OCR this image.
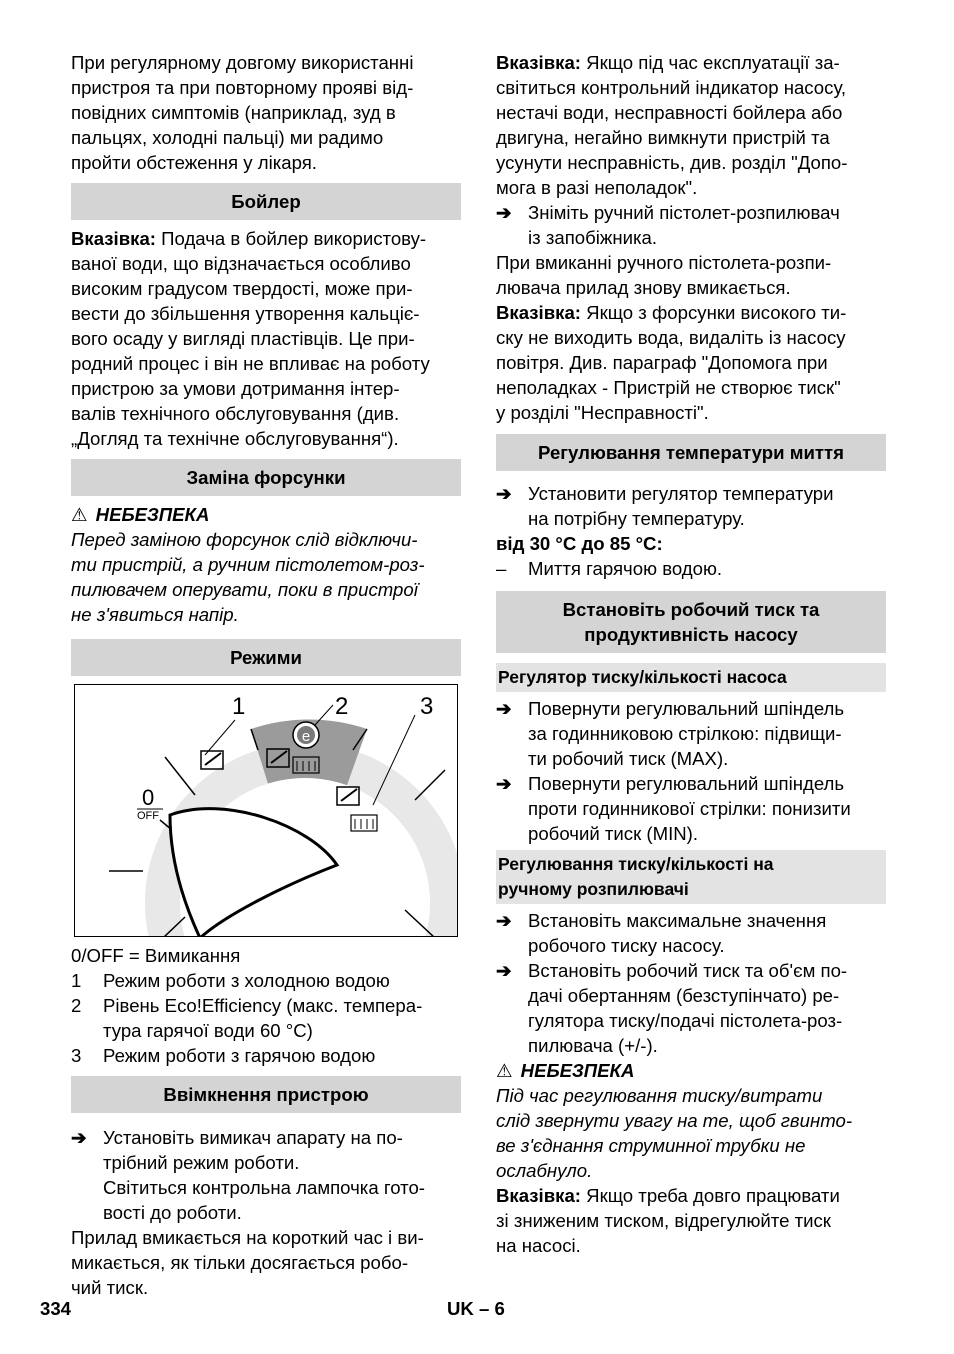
При регулярному довгому використанні

пристроя та при повторному прояві від-

повідних симптомів (наприклад, зуд в

пальцях, холодні пальці) ми радимо

пройти обстеження у лікаря.

Бойлер

Вказівка: Подача в бойлер використову-

ваної води, що відзначається особливо

високим градусом твердості, може при-

вести до збільшення утворення кальціє-

вого осаду у вигляді пластівців. Це при-

родний процес і він не впливає на роботу

пристрою за умови дотримання інтер-

валів технічного обслуговування (див.

„Догляд та технічне обслуговування“).

Заміна форсунки
⚠ НЕБЕЗПЕКА

Перед заміною форсунок слід відключи-

ти пристрій, а ручним пістолетом-роз-

пилювачем оперувати, поки в пристрої

не з'явиться напір.

Режими
e
1	2	3
0
OFF

0/OFF = Вимикання

1 Режим роботи з холодною водою

2 Рівень Eco!Efficiency (макс. темпера-

тура гарячої води 60 °C)

3 Режим роботи з гарячою водою

Ввімкнення пристрою
➔ Установіть вимикач апарату на по-

трібний режим роботи.

Світиться контрольна лампочка гото-

вості до роботи.

Прилад вмикається на короткий час і ви-

микається, як тільки досягається робо-

чий тиск.

Вказівка: Якщо під час експлуатації за-

світиться контрольний індикатор насосу,

нестачі води, несправності бойлера або

двигуна, негайно вимкнути пристрій та

усунути несправність, див. розділ "Допо-

мога в разі неполадок".

➔ Зніміть ручний пістолет-розпилювач

із запобіжника.

При вмиканні ручного пістолета-розпи-

лювача прилад знову вмикається.

Вказівка: Якщо з форсунки високого ти-

ску не виходить вода, видаліть із насосу

повітря. Див. параграф "Допомога при

неполадках - Пристрій не створює тиск"

у розділі "Несправності".

Регулювання температури миття
➔ Установити регулятор температури

на потрібну температуру.

від 30 °C до 85 °C:

– Миття гарячою водою.

Встановіть робочий тиск та

продуктивність насосу

Регулятор тиску/кількості насоса
➔ Повернути регулювальний шпіндель

за годинниковою стрілкою: підвищи-

ти робочий тиск (MAX).

➔ Повернути регулювальний шпіндель

проти годинникової стрілки: понизити

робочий тиск (MIN).

Регулювання тиску/кількості на

ручному розпилювачі

➔ Встановіть максимальне значення

робочого тиску насосу.

➔ Встановіть робочий тиск та об'єм по-

дачі обертанням (безступінчато) ре-

гулятора тиску/подачі пістолета-роз-

пилювача (+/-).

⚠ НЕБЕЗПЕКА

Під час регулювання тиску/витрати

слід звернути увагу на те, щоб гвинто-

ве з'єднання струминної трубки не

ослабнуло.

Вказівка: Якщо треба довго працювати

зі зниженим тиском, відрегулюйте тиск

на насосі.

334	UK – 6
